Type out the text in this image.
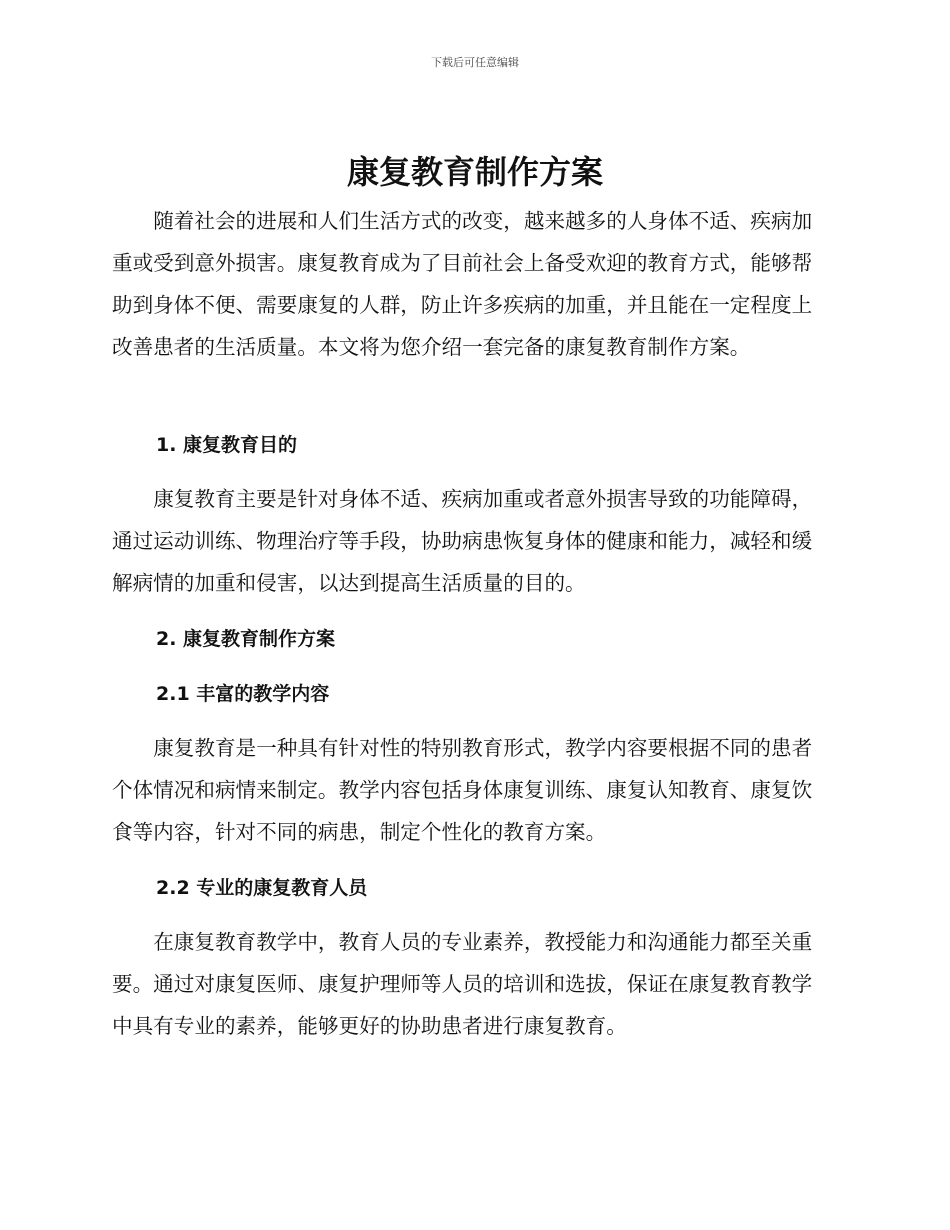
下载后可任意编辑
康复教育制作方案

随着社会的进展和人们生活方式的改变，越来越多的人身体不适、疾病加重或受到意外损害。康复教育成为了目前社会上备受欢迎的教育方式，能够帮助到身体不便、需要康复的人群，防止许多疾病的加重，并且能在一定程度上改善患者的生活质量。本文将为您介绍一套完备的康复教育制作方案。

1. 康复教育目的

康复教育主要是针对身体不适、疾病加重或者意外损害导致的功能障碍，通过运动训练、物理治疗等手段，协助病患恢复身体的健康和能力，减轻和缓解病情的加重和侵害，以达到提高生活质量的目的。

2. 康复教育制作方案
2.1 丰富的教学内容

康复教育是一种具有针对性的特别教育形式，教学内容要根据不同的患者个体情况和病情来制定。教学内容包括身体康复训练、康复认知教育、康复饮食等内容，针对不同的病患，制定个性化的教育方案。

2.2 专业的康复教育人员

在康复教育教学中，教育人员的专业素养，教授能力和沟通能力都至关重要。通过对康复医师、康复护理师等人员的培训和选拔，保证在康复教育教学中具有专业的素养，能够更好的协助患者进行康复教育。
